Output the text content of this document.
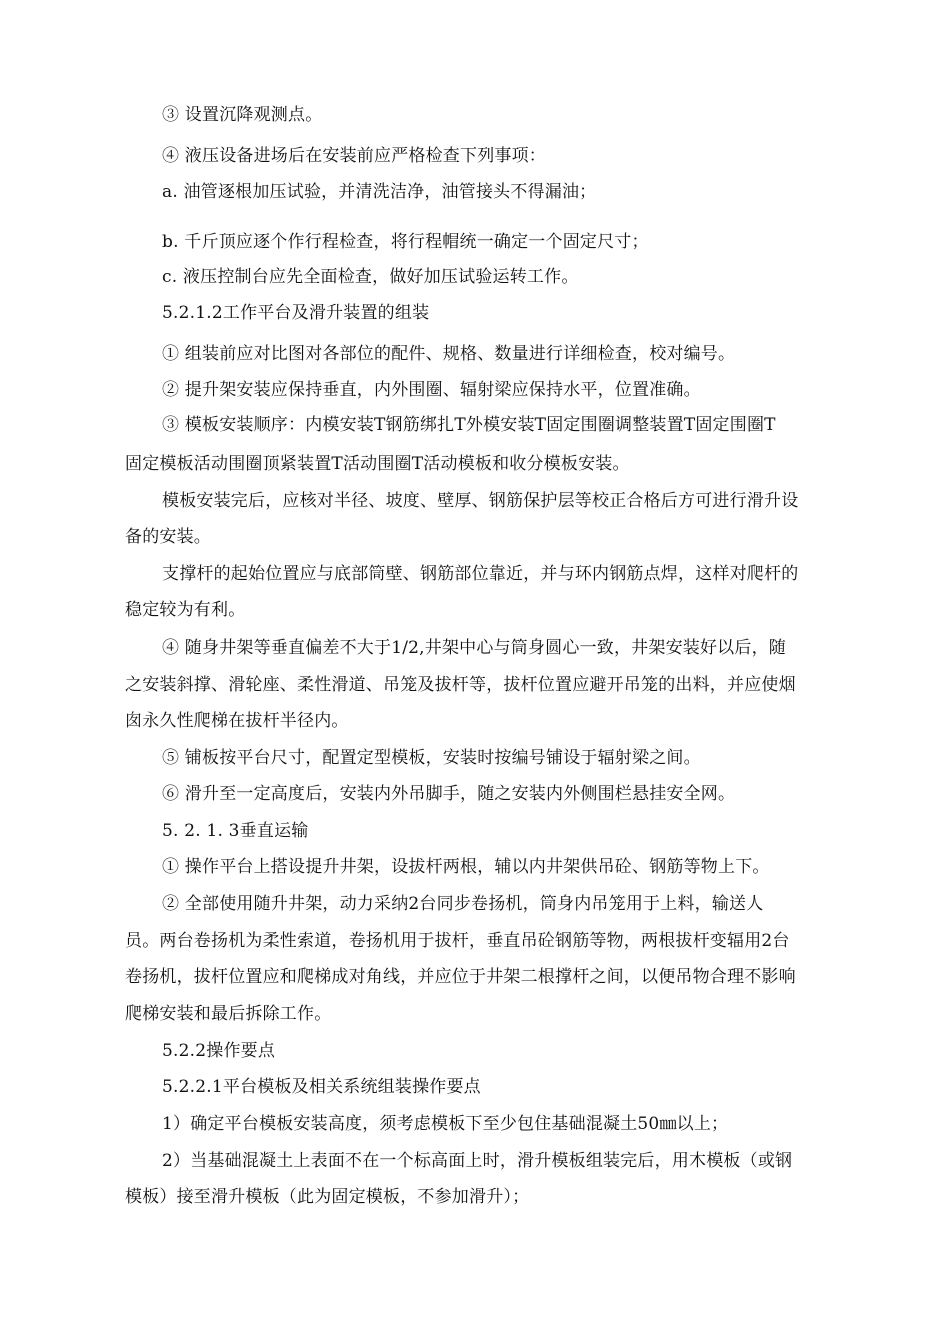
③ 设置沉降观测点。
④ 液压设备进场后在安装前应严格检查下列事项：
a. 油管逐根加压试验，并清洗洁净，油管接头不得漏油；
b. 千斤顶应逐个作行程检查，将行程帽统一确定一个固定尺寸；
c. 液压控制台应先全面检查，做好加压试验运转工作。
5.2.1.2工作平台及滑升装置的组装
① 组装前应对比图对各部位的配件、规格、数量进行详细检查，校对编号。
② 提升架安装应保持垂直，内外围圈、辐射梁应保持水平，位置准确。
③ 模板安装顺序：内模安装T钢筋绑扎T外模安装T固定围圈调整装置T固定围圈T
固定模板活动围圈顶紧装置T活动围圈T活动模板和收分模板安装。
模板安装完后，应核对半径、坡度、壁厚、钢筋保护层等校正合格后方可进行滑升设
备的安装。
支撑杆的起始位置应与底部筒壁、钢筋部位靠近，并与环内钢筋点焊，这样对爬杆的
稳定较为有利。
④ 随身井架等垂直偏差不大于1/2,井架中心与筒身圆心一致，井架安装好以后，随
之安装斜撑、滑轮座、柔性滑道、吊笼及拔杆等，拔杆位置应避开吊笼的出料，并应使烟
囱永久性爬梯在拔杆半径内。
⑤ 铺板按平台尺寸，配置定型模板，安装时按编号铺设于辐射梁之间。
⑥ 滑升至一定高度后，安装内外吊脚手，随之安装内外侧围栏悬挂安全网。
5. 2. 1. 3垂直运输
① 操作平台上搭设提升井架，设拔杆两根，辅以内井架供吊砼、钢筋等物上下。
② 全部使用随升井架，动力采纳2台同步卷扬机，筒身内吊笼用于上料，输送人
员。两台卷扬机为柔性索道，卷扬机用于拔杆，垂直吊砼钢筋等物，两根拔杆变辐用2台
卷扬机，拔杆位置应和爬梯成对角线，并应位于井架二根撑杆之间，以便吊物合理不影响
爬梯安装和最后拆除工作。
5.2.2操作要点
5.2.2.1平台模板及相关系统组装操作要点
1）确定平台模板安装高度，须考虑模板下至少包住基础混凝土50㎜以上；
2）当基础混凝土上表面不在一个标高面上时，滑升模板组装完后，用木模板（或钢
模板）接至滑升模板（此为固定模板，不参加滑升）；
